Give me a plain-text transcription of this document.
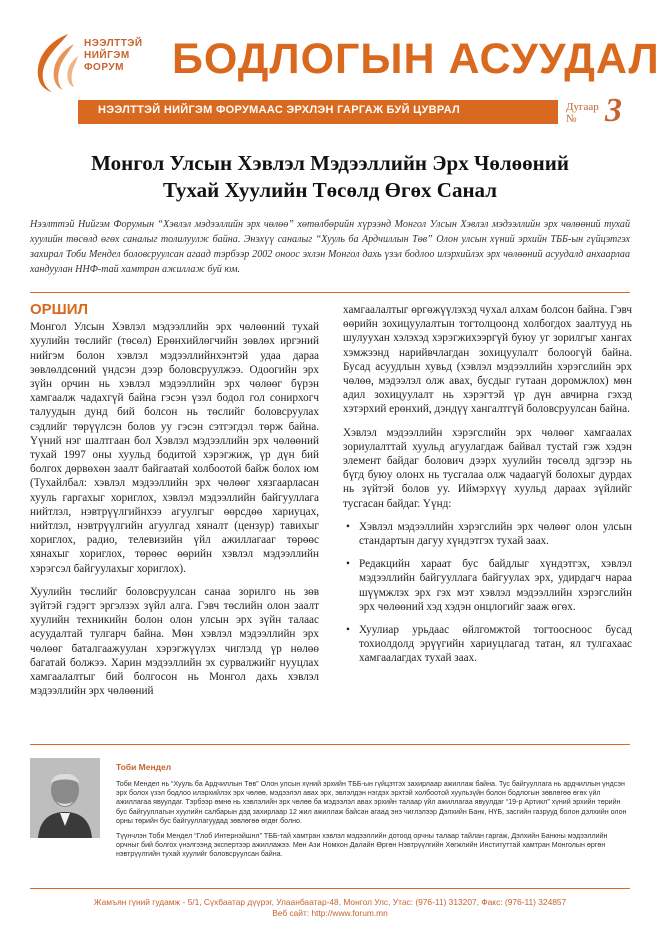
НЭЭЛТТЭЙ
НИЙГЭМ
ФОРУМ	БОДЛОГЫН АСУУДАЛ
НЭЭЛТТЭЙ НИЙГЭМ ФОРУМААС ЭРХЛЭН ГАРГАЖ БУЙ ЦУВРАЛ	Дугаар
№ 3
Монгол Улсын Хэвлэл Мэдээллийн Эрх Чөлөөний
Тухай Хуулийн Төсөлд Өгөх Санал
Нээлттэй Нийгэм Форумын “Хэвлэл мэдээллийн эрх чөлөө” хөтөлбөрийн хүрээнд Монгол Улсын Хэвлэл мэдээллийн эрх чөлөөний тухай хуулийн төсөлд өгөх саналыг толилуулж байна. Энэхүү саналыг “Хууль ба Ардчиллын Төв” Олон улсын хүний эрхийн ТББ-ын гүйцэтгэх захирал Тоби Мендел боловсруулсан агаад тэрбээр 2002 оноос эхлэн Монгол дахь үзэл бодлоо илэрхийлэх эрх чөлөөний асуудалд анхаарлаа хандуулан ННФ-тай хамтран ажиллаж буй юм.
ОРШИЛ

Монгол Улсын Хэвлэл мэдээллийн эрх чөлөөний тухай хуулийн төслийг (төсөл) Ерөнхийлөгчийн зөвлөх иргэний нийгэм болон хэвлэл мэдээллийнхэнтэй удаа дараа зөвлөлдсөний үндсэн дээр боловсруулжээ. Одоогийн эрх зүйн орчин нь хэвлэл мэдээллийн эрх чөлөөг бүрэн хамгаалж чадахгүй байна гэсэн үзэл бодол гол сонирхогч талуудын дунд бий болсон нь төслийг боловсруулах сэдлийг төрүүлсэн болов уу гэсэн сэтгэгдэл төрж байна. Үүний нэг шалтгаан бол Хэвлэл мэдээллийн эрх чөлөөний тухай 1997 оны хуульд бодитой хэрэгжиж, үр дүн бий болгох дөрвөхөн заалт байгаатай холбоотой байж болох юм (Тухайлбал: хэвлэл мэдээллийн эрх чөлөөг хязгаарласан хууль гаргахыг хориглох, хэвлэл мэдээллийн байгууллага нийтлэл, нэвтрүүлгийнхээ агуулгыг өөрсдөө хариуцах, нийтлэл, нэвтрүүлгийн агуулгад хяналт (цензур) тавихыг хориглох, радио, телевизийн үйл ажиллагааг төрөөс хянахыг хориглох, төрөөс өөрийн хэвлэл мэдээллийн хэрэгсэл байгуулахыг хориглох).

Хуулийн төслийг боловсруулсан санаа зорилго нь зөв зүйтэй гэдэгт эргэлзэх зүйл алга. Гэвч төслийн олон заалт хуулийн техникийн болон олон улсын эрх зүйн талаас асуудалтай тулгарч байна. Мөн хэвлэл мэдээллийн эрх чөлөөг баталгаажуулан хэрэгжүүлэх чиглэлд үр нөлөө багатай болжээ. Харин мэдээллийн эх сурвалжийг нууцлах хамгаалалтыг бий болгосон нь Монгол дахь хэвлэл мэдээллийн эрх чөлөөний

хамгаалалтыг өргөжүүлэхэд чухал алхам болсон байна. Гэвч өөрийн зохицуулалтын тогтолцоонд холбогдох заалтууд нь шулуухан хэлэхэд хэрэгжихээргүй буюу уг зорилгыг хангах хэмжээнд нарийвчлагдан зохицуулалт болоогүй байна. Бусад асуудлын хувьд (хэвлэл мэдээллийн хэрэгслийн эрх чөлөө, мэдээлэл олж авах, бусдыг гутаан доромжлох) мөн адил зохицуулалт нь хэрэгтэй үр дүн авчирна гэхэд хэтэрхий ерөнхий, дэндүү хангалтгүй боловсруулсан байна.

Хэвлэл мэдээллийн хэрэгслийн эрх чөлөөг хамгаалах зориулалттай хуульд агуулагдаж байвал тустай гэж хэдэн элемент байдаг болович дээрх хуулийн төсөлд эдгээр нь бүгд буюу олонх нь тусгалаа олж чадаагүй болохыг дурдах нь зүйтэй болов уу. Иймэрхүү хуульд дараах зүйлийг тусгасан байдаг. Үүнд:

• Хэвлэл мэдээллийн хэрэгслийн эрх чөлөөг олон улсын стандартын дагуу хүндэтгэх тухай заах.
• Редакцийн хараат бус байдлыг хүндэтгэх, хэвлэл мэдээллийн байгууллага байгуулах эрх, удирдагч нараа шүүмжлэх эрх гэх мэт хэвлэл мэдээллийн хэрэгслийн эрх чөлөөний хэд хэдэн онцлогийг зааж өгөх.
• Хуулиар урьдаас өйлгомжтой тогтоосноос бусад тохиолдолд эрүүгийн хариуцлагад татан, ял тулгахаас хамгаалагдах тухай заах.
Тоби Мендел

Тоби Мендел нь “Хууль ба Ардчиллын Төв” Олон улсын хүний эрхийн ТББ-ын гүйцэтгэх захирлаар ажиллаж байна. Тус байгууллага нь ардчиллын үндсэн эрх болох үзэл бодлоо илэрхийлэх эрх чөлөө, мэдээлэл авах эрх, эвлэлдэн нэгдэх эрхтэй холбоотой хуульзүйн болон бодлогын зөвлөгөө өгөх үйл ажиллагаа явуулдаг. Тэрбээр өмнө нь хэвлэлийн эрх чөлөө ба мэдээлэл авах эрхийн талаар үйл ажиллагаа явуулдаг “19-р Артикл” хүний эрхийн төрийн бус байгууллагын хуулийн салбарын дэд захирлаар 12 жил ажиллаж байсан агаад энэ чиглэлээр Дэлхийн Банк, НҮБ, засгийн газрууд болон дэлхийн олон орны төрийн бус байгууллагуудад зөвлөгөө өгдөг болно.

Түүнчлэн Тоби Мендел “Глоб Интернэйшнл” ТББ-тай хамтран хэвлэл мэдээллийн дотоод орчны талаар тайлан гаргаж, Дэлхийн Банкны мэдээллийн орчныг бий болгох үнэлгээнд экспертээр ажиллажээ. Мөн Ази Номхон Далайн Өргөн Нэвтрүүлгийн Хөгжлийн Институттай хамтран Монголын өргөн нэвтрүүлгийн тухай хуулийг боловсруулсан байна.

Жамъян гүний гудамж - 5/1, Сүхбаатар дүүрэг, Улаанбаатар-48, Монгол Улс, Утас: (976-11) 313207, Факс: (976-11) 324857
Веб сайт: http://www.forum.mn
